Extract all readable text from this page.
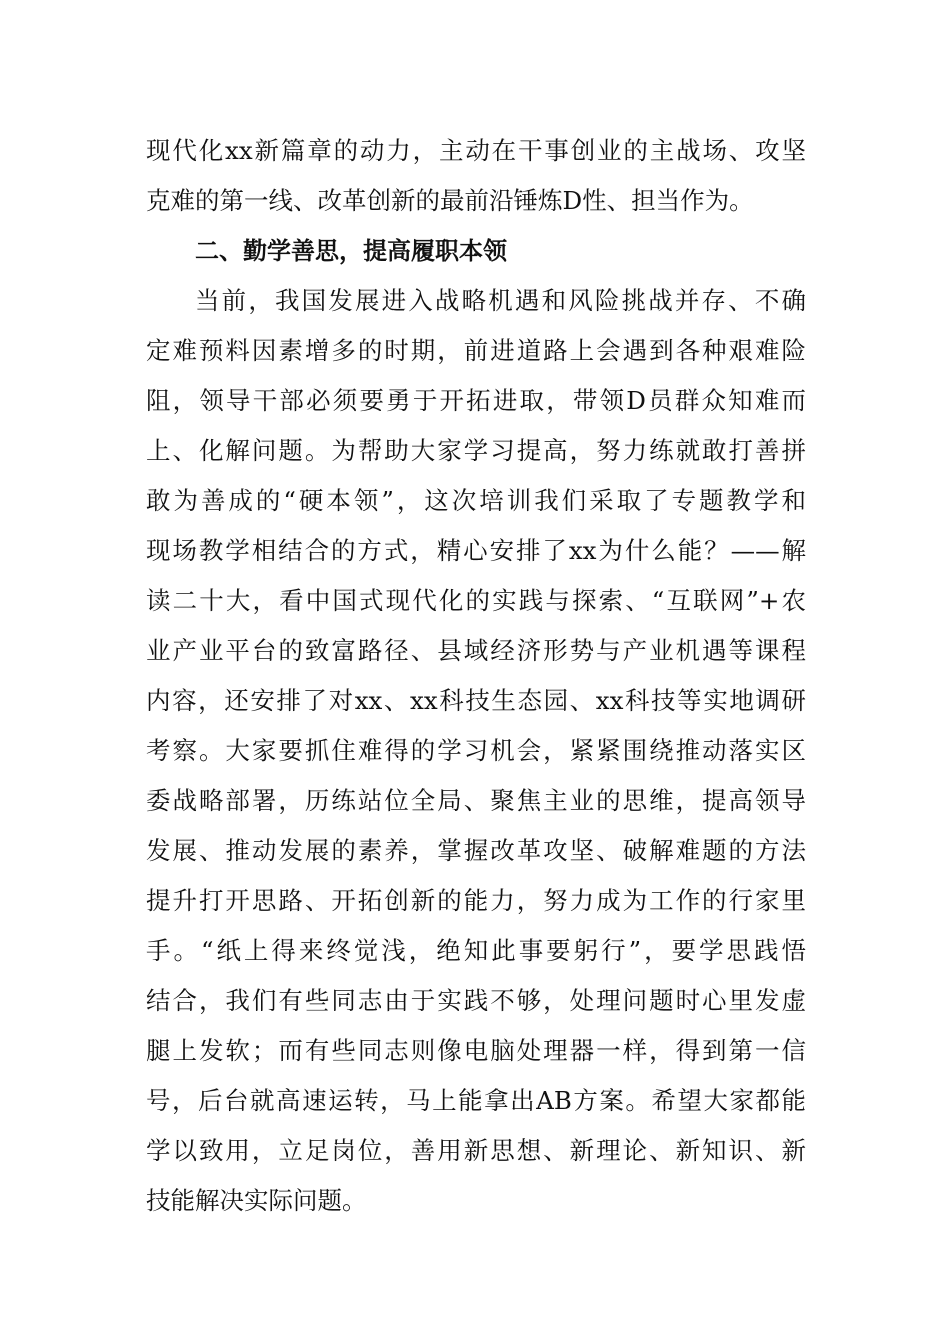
现代化xx新篇章的动力，主动在干事创业的主战场、攻坚
克难的第一线、改革创新的最前沿锤炼D性、担当作为。
二、勤学善思，提高履职本领
当前，我国发展进入战略机遇和风险挑战并存、不确
定难预料因素增多的时期，前进道路上会遇到各种艰难险
阻，领导干部必须要勇于开拓进取，带领D员群众知难而
上、化解问题。为帮助大家学习提高，努力练就敢打善拼
敢为善成的“硬本领”，这次培训我们采取了专题教学和
现场教学相结合的方式，精心安排了xx为什么能？——解
读二十大，看中国式现代化的实践与探索、“互联网”+农
业产业平台的致富路径、县域经济形势与产业机遇等课程
内容，还安排了对xx、xx科技生态园、xx科技等实地调研
考察。大家要抓住难得的学习机会，紧紧围绕推动落实区
委战略部署，历练站位全局、聚焦主业的思维，提高领导
发展、推动发展的素养，掌握改革攻坚、破解难题的方法
提升打开思路、开拓创新的能力，努力成为工作的行家里
手。“纸上得来终觉浅，绝知此事要躬行”，要学思践悟
结合，我们有些同志由于实践不够，处理问题时心里发虚
腿上发软；而有些同志则像电脑处理器一样，得到第一信
号，后台就高速运转，马上能拿出AB方案。希望大家都能
学以致用，立足岗位，善用新思想、新理论、新知识、新
技能解决实际问题。
